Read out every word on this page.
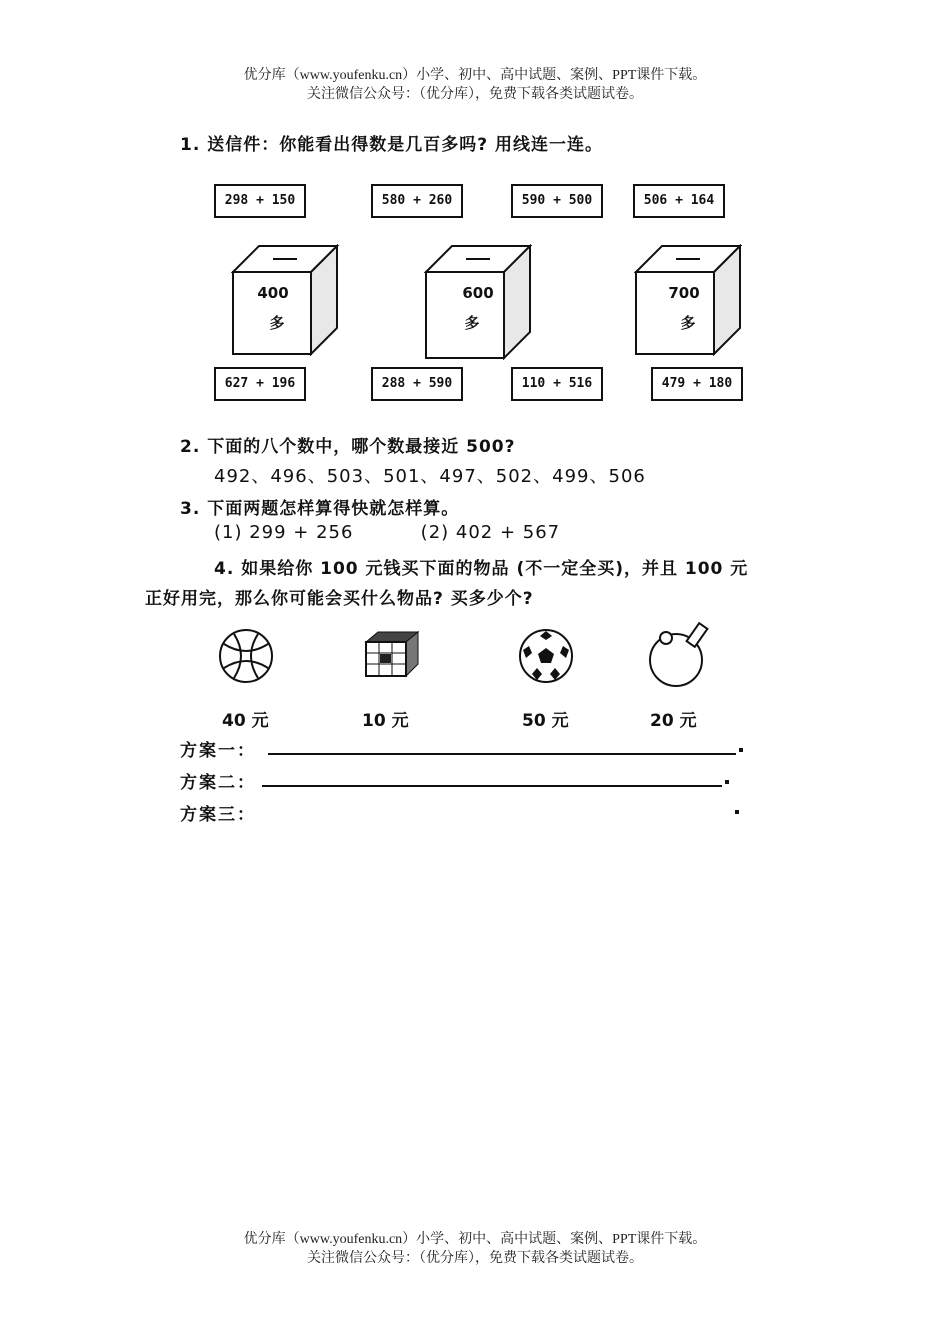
优分库（www.youfenku.cn）小学、初中、高中试题、案例、PPT课件下载。
关注微信公众号：（优分库），免费下载各类试题试卷。
1. 送信件：你能看出得数是几百多吗? 用线连一连。
298 + 150	580 + 260	590 + 500	506 + 164
400
多
600
多
700
多
627 + 196	288 + 590	110 + 516	479 + 180
2. 下面的八个数中，哪个数最接近 500?
492、496、503、501、497、502、499、506
3. 下面两题怎样算得快就怎样算。
(1) 299 + 256          (2) 402 + 567
4. 如果给你 100 元钱买下面的物品 (不一定全买)，并且 100 元
正好用完，那么你可能会买什么物品? 买多少个?
40 元	10 元	50 元	20 元
方案一：
方案二：
方案三：
优分库（www.youfenku.cn）小学、初中、高中试题、案例、PPT课件下载。
关注微信公众号：（优分库），免费下载各类试题试卷。
